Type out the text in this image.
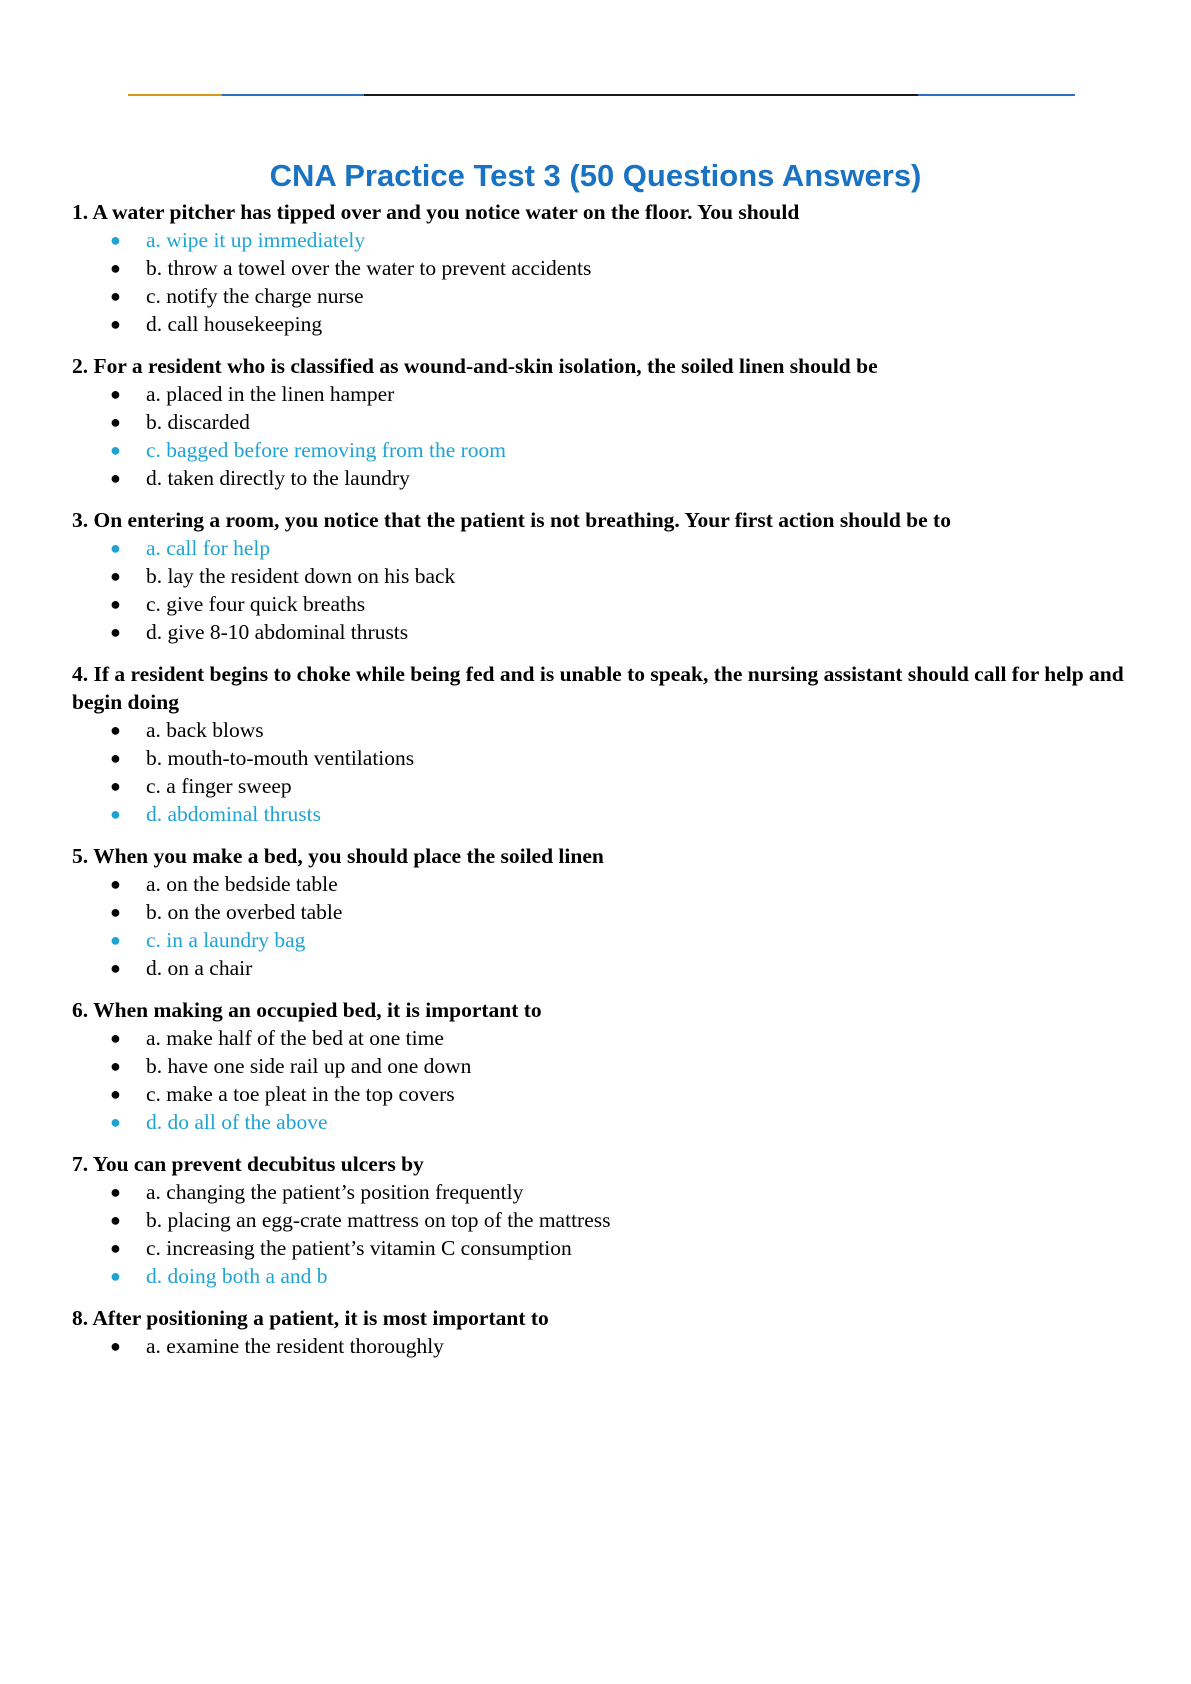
CNA Practice Test 3 (50 Questions Answers)

1. A water pitcher has tipped over and you notice water on the floor. You should

● a. wipe it up immediately
● b. throw a towel over the water to prevent accidents
● c. notify the charge nurse
● d. call housekeeping

2. For a resident who is classified as wound-and-skin isolation, the soiled linen should be

● a. placed in the linen hamper
● b. discarded
● c. bagged before removing from the room
● d. taken directly to the laundry

3. On entering a room, you notice that the patient is not breathing. Your first action should be to

● a. call for help
● b. lay the resident down on his back
● c. give four quick breaths
● d. give 8-10 abdominal thrusts

4. If a resident begins to choke while being fed and is unable to speak, the nursing assistant should call for help and begin doing

● a. back blows
● b. mouth-to-mouth ventilations
● c. a finger sweep
● d. abdominal thrusts

5. When you make a bed, you should place the soiled linen

● a. on the bedside table
● b. on the overbed table
● c. in a laundry bag
● d. on a chair

6. When making an occupied bed, it is important to

● a. make half of the bed at one time
● b. have one side rail up and one down
● c. make a toe pleat in the top covers
● d. do all of the above

7. You can prevent decubitus ulcers by

● a. changing the patient’s position frequently
● b. placing an egg-crate mattress on top of the mattress
● c. increasing the patient’s vitamin C consumption
● d. doing both a and b

8. After positioning a patient, it is most important to

● a. examine the resident thoroughly
